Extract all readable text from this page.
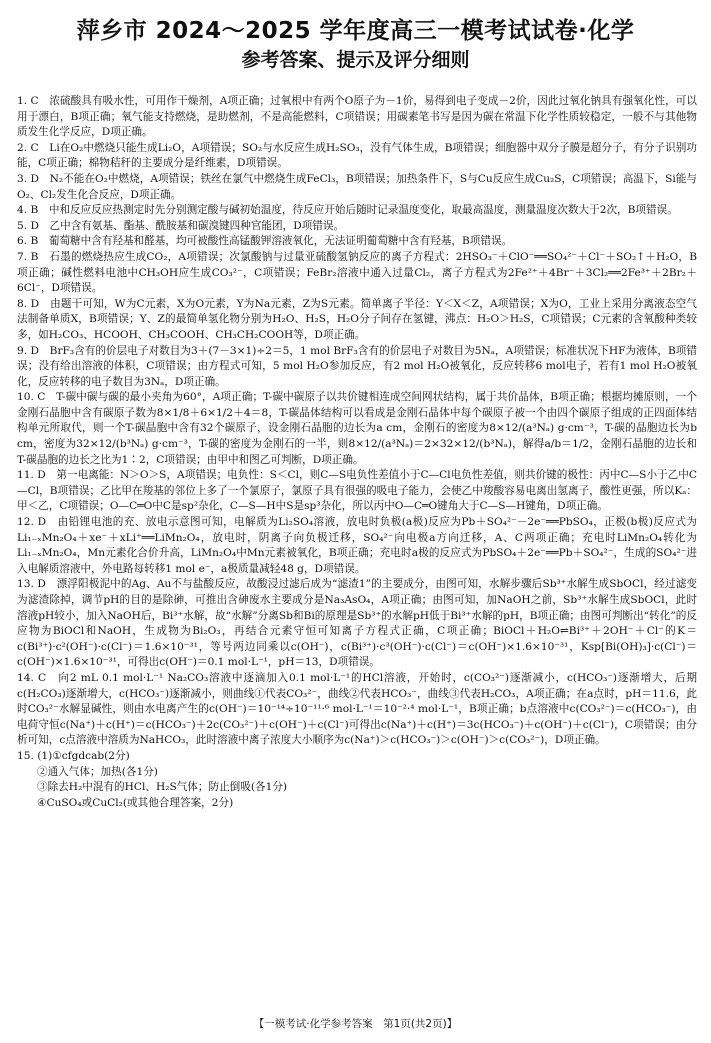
萍乡市 2024～2025 学年度高三一模考试试卷·化学
参考答案、提示及评分细则

1. C　浓硫酸具有吸水性，可用作干燥剂，A项正确；过氧根中有两个O原子为－1价，易得到电子变成－2价，因此过氧化钠具有强氧化性，可以用于漂白，B项正确；氧气能支持燃烧，是助燃剂，不是高能燃料，C项错误；用碳素笔书写是因为碳在常温下化学性质较稳定，一般不与其他物质发生化学反应，D项正确。

2. C　Li在O₂中燃烧只能生成Li₂O，A项错误；SO₂与水反应生成H₂SO₃，没有气体生成，B项错误；细胞器中双分子膜是超分子，有分子识别功能，C项正确；棉物秸秆的主要成分是纤维素，D项错误。

3. D　N₂不能在O₂中燃烧，A项错误；铁丝在氯气中燃烧生成FeCl₃，B项错误；加热条件下，S与Cu反应生成Cu₂S，C项错误；高温下，Si能与O₂、Cl₂发生化合反应，D项正确。

4. B　中和反应反应热测定时先分别测定酸与碱初始温度，待反应开始后随时记录温度变化，取最高温度，测量温度次数大于2次，B项错误。

5. D　乙中含有氨基、酯基、酰胺基和碳溴键四种官能团，D项错误。

6. B　葡萄糖中含有羟基和醛基，均可被酸性高锰酸钾溶液氧化，无法证明葡萄糖中含有羟基，B项错误。

7. B　石墨的燃烧热应生成CO₂，A项错误；次氯酸钠与过量亚硫酸氢钠反应的离子方程式：2HSO₃⁻＋ClO⁻══SO₄²⁻＋Cl⁻＋SO₂↑＋H₂O，B项正确；碱性燃料电池中CH₃OH应生成CO₃²⁻，C项错误；FeBr₂溶液中通入过量Cl₂，离子方程式为2Fe²⁺＋4Br⁻＋3Cl₂══2Fe³⁺＋2Br₂＋6Cl⁻，D项错误。

8. D　由题干可知，W为C元素，X为O元素，Y为Na元素，Z为S元素。简单离子半径：Y＜X＜Z，A项错误；X为O，工业上采用分离液态空气法制备单质X，B项错误；Y、Z的最简单氢化物分别为H₂O、H₂S，H₂O分子间存在氢键，沸点：H₂O＞H₂S，C项错误；C元素的含氧酸种类较多，如H₂CO₃、HCOOH、CH₃COOH、CH₃CH₂COOH等，D项正确。

9. D　BrF₃含有的价层电子对数目为3＋(7－3×1)÷2＝5，1 mol BrF₃含有的价层电子对数目为5Nₐ，A项错误；标准状况下HF为液体，B项错误；没有给出溶液的体积，C项错误；由方程式可知，5 mol H₂O参加反应，有2 mol H₂O被氧化，反应转移6 mol电子，若有1 mol H₂O被氧化，反应转移的电子数目为3Nₐ，D项正确。

10. C　T-碳中碳与碳的最小夹角为60°，A项正确；T-碳中碳原子以共价键相连成空间网状结构，属于共价晶体，B项正确；根据均摊原则，一个金刚石晶胞中含有碳原子数为8×1/8＋6×1/2＋4＝8，T-碳晶体结构可以看成是金刚石晶体中每个碳原子被一个由四个碳原子组成的正四面体结构单元所取代，则一个T-碳晶胞中含有32个碳原子，设金刚石晶胞的边长为a cm，金刚石的密度为8×12/(a³Nₐ) g·cm⁻³，T-碳的晶胞边长为b cm，密度为32×12/(b³Nₐ) g·cm⁻³，T-碳的密度为金刚石的一半，则8×12/(a³Nₐ)＝2×32×12/(b³Nₐ)，解得a/b＝1/2，金刚石晶胞的边长和T-碳晶胞的边长之比为1∶2，C项错误；由甲中和图乙可判断，D项正确。

11. D　第一电离能：N＞O＞S，A项错误；电负性：S＜Cl，则C—S电负性差值小于C—Cl电负性差值，则共价键的极性：丙中C—S小于乙中C—Cl，B项错误；乙比甲在羧基的邻位上多了一个氯原子，氯原子具有很强的吸电子能力，会使乙中羧酸容易电离出氢离子，酸性更强，所以Kₐ：甲＜乙，C项错误；O—C═O中C是sp²杂化，C—S—H中S是sp³杂化，所以丙中O—C═O键角大于C—S—H键角，D项正确。

12. D　由铅锂电池的充、放电示意图可知，电解质为Li₂SO₄溶液，放电时负极(a极)反应为Pb＋SO₄²⁻－2e⁻══PbSO₄，正极(b极)反应式为Li₁₋ₓMn₂O₄＋xe⁻＋xLi⁺══LiMn₂O₄，放电时，阴离子向负极迁移，SO₄²⁻向电极a方向迁移，A、C两项正确；充电时LiMn₂O₄转化为Li₁₋ₓMn₂O₄，Mn元素化合价升高，LiMn₂O₄中Mn元素被氧化，B项正确；充电时a极的反应式为PbSO₄＋2e⁻══Pb＋SO₄²⁻，生成的SO₄²⁻进入电解质溶液中，外电路每转移1 mol e⁻，a极质量减轻48 g，D项错误。

13. D　漂浮阳极泥中的Ag、Au不与盐酸反应，故酸浸过滤后成为“滤渣1”的主要成分，由图可知，水解步骤后Sb³⁺水解生成SbOCl，经过滤变为滤渣除掉，调节pH的目的是除砷，可推出含砷废水主要成分是Na₃AsO₄，A项正确；由图可知，加NaOH之前，Sb³⁺水解生成SbOCl，此时溶液pH较小，加入NaOH后，Bi³⁺水解，故“水解”分离Sb和Bi的原理是Sb³⁺的水解pH低于Bi³⁺水解的pH，B项正确；由图可判断出“转化”的反应物为BiOCl和NaOH，生成物为Bi₂O₃，再结合元素守恒可知离子方程式正确，C项正确；BiOCl＋H₂O⇌Bi³⁺＋2OH⁻＋Cl⁻的K＝c(Bi³⁺)·c²(OH⁻)·c(Cl⁻)＝1.6×10⁻³¹，等号两边同乘以c(OH⁻)，c(Bi³⁺)·c³(OH⁻)·c(Cl⁻)＝c(OH⁻)×1.6×10⁻³¹，Ksp[Bi(OH)₃]·c(Cl⁻)＝c(OH⁻)×1.6×10⁻³¹，可得出c(OH⁻)＝0.1 mol·L⁻¹，pH＝13，D项错误。

14. C　向2 mL 0.1 mol·L⁻¹ Na₂CO₃溶液中逐滴加入0.1 mol·L⁻¹的HCl溶液，开始时，c(CO₃²⁻)逐渐减小，c(HCO₃⁻)逐渐增大，后期c(H₂CO₃)逐渐增大，c(HCO₃⁻)逐渐减小，则曲线①代表CO₃²⁻，曲线②代表HCO₃⁻，曲线③代表H₂CO₃，A项正确；在a点时，pH＝11.6，此时CO₃²⁻水解显碱性，则由水电离产生的c(OH⁻)＝10⁻¹⁴÷10⁻¹¹·⁶ mol·L⁻¹＝10⁻²·⁴ mol·L⁻¹，B项正确；b点溶液中c(CO₃²⁻)＝c(HCO₃⁻)，由电荷守恒c(Na⁺)＋c(H⁺)＝c(HCO₃⁻)＋2c(CO₃²⁻)＋c(OH⁻)＋c(Cl⁻)可得出c(Na⁺)＋c(H⁺)＝3c(HCO₃⁻)＋c(OH⁻)＋c(Cl⁻)，C项错误；由分析可知，c点溶液中溶质为NaHCO₃，此时溶液中离子浓度大小顺序为c(Na⁺)＞c(HCO₃⁻)＞c(OH⁻)＞c(CO₃²⁻)，D项正确。

15. (1)①cfgdcab(2分)

②通入气体；加热(各1分)

③除去H₂中混有的HCl、H₂S气体；防止倒吸(各1分)

④CuSO₄或CuCl₂(或其他合理答案，2分)

【一模考试·化学参考答案　第1页(共2页)】
